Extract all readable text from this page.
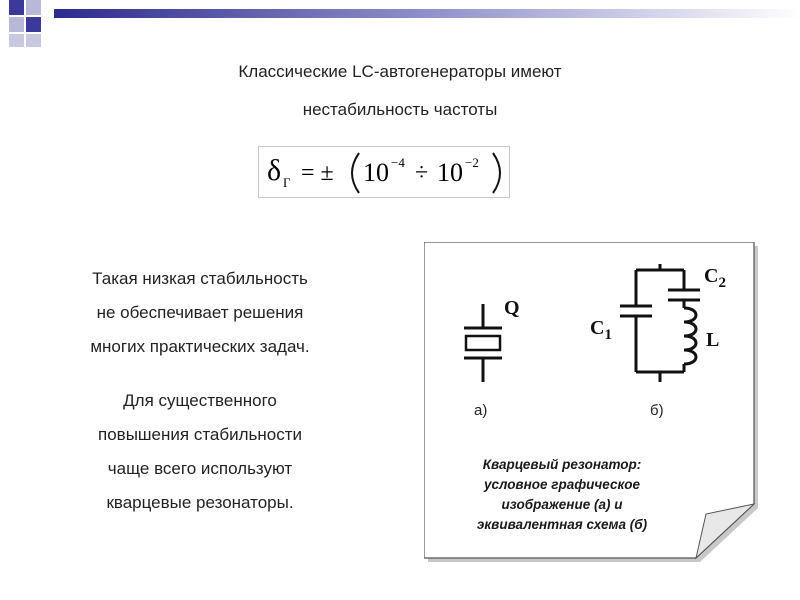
Классические LC-автогенераторы имеют
нестабильность частоты
δ Г = ± 10 −4 ÷ 10 −2

Такая низкая стабильность
не обеспечивает решения
многих практических задач.

Для существенного
повышения стабильности
чаще всего используют
кварцевые резонаторы.

Q
$C_2$
$C_1$	L
а)	б)
Кварцевый резонатор:
условное графическое
изображение (а) и
эквивалентная схема (б)
